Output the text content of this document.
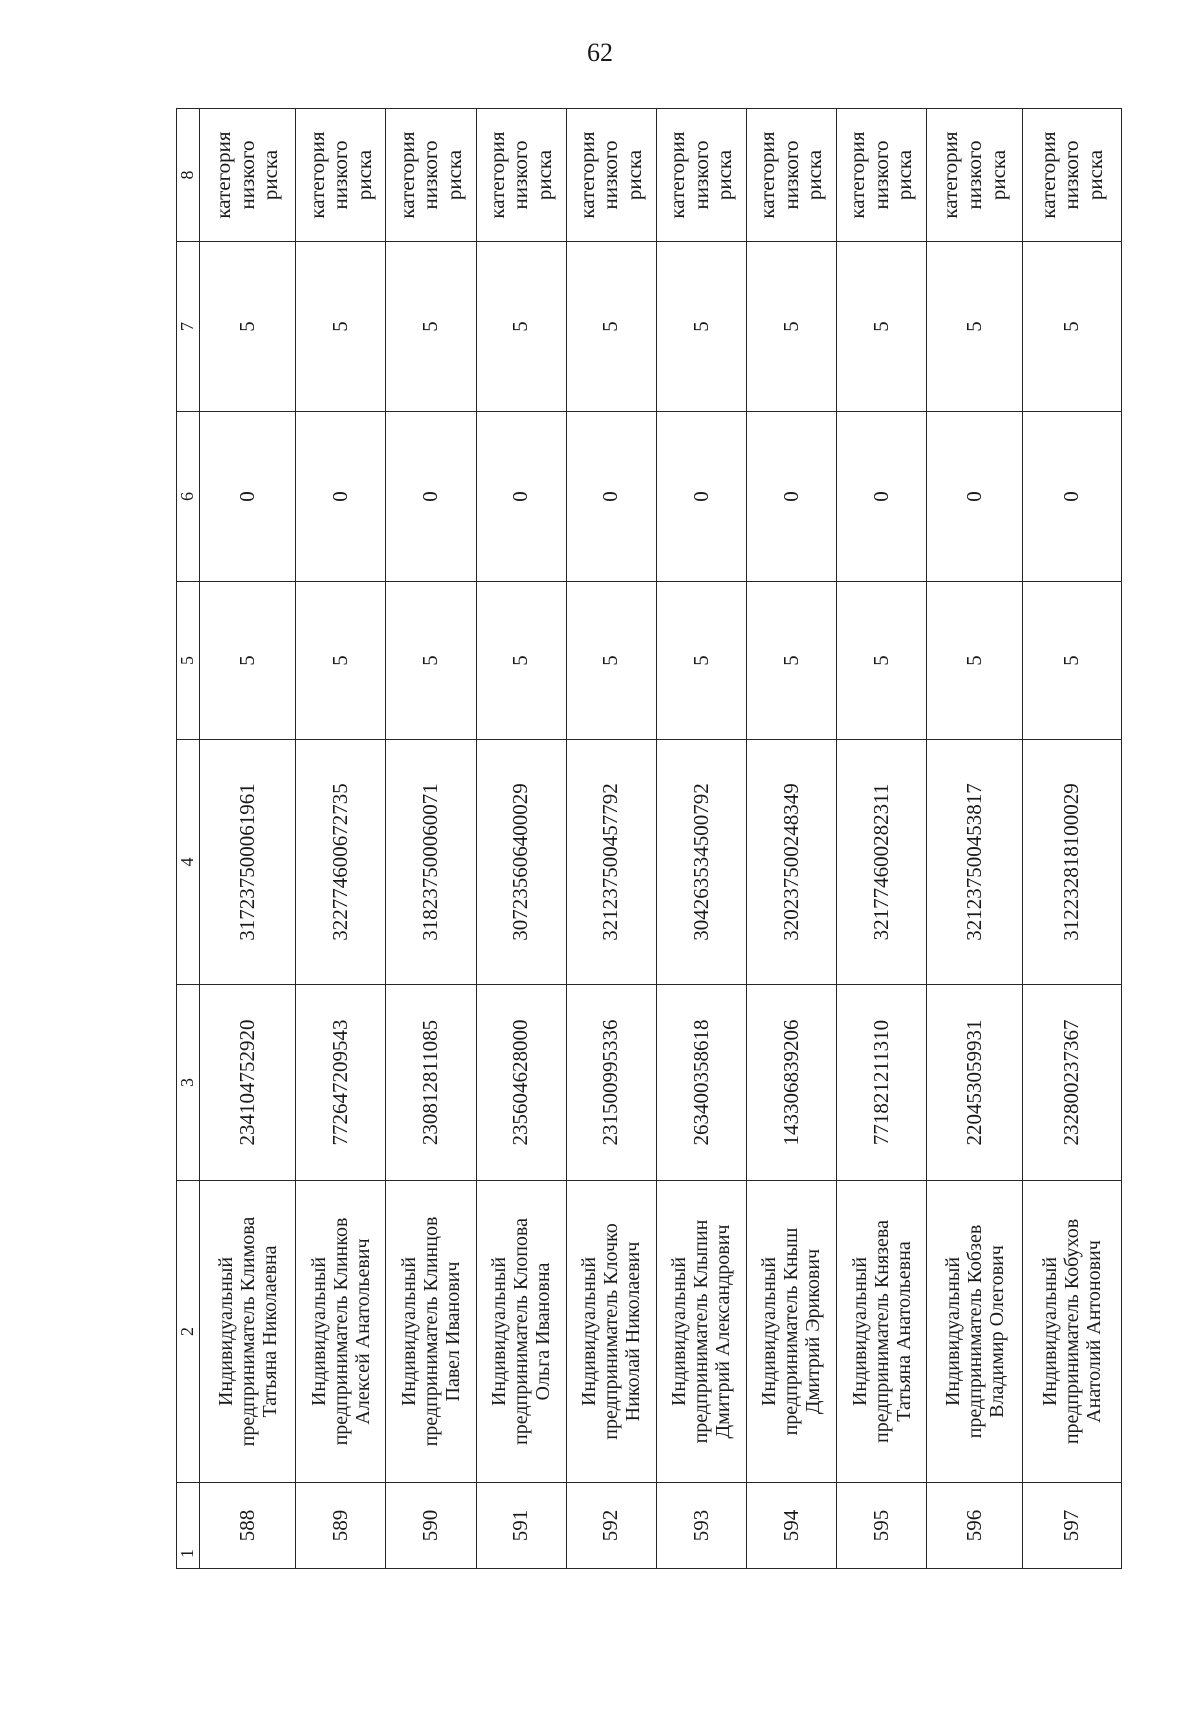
62
1	2	3	4	5	6	7	8
588	Индивидуальный предприниматель Климова Татьяна Николаевна	234104752920	317237500061961	5	0	5	категория низкого риска

589	Индивидуальный предприниматель Клинков Алексей Анатольевич	772647209543	322774600672735	5	0	5	категория низкого риска

590	Индивидуальный предприниматель Клинцов Павел Иванович	230812811085	318237500060071	5	0	5	категория низкого риска

591	Индивидуальный предприниматель Клопова Ольга Ивановна	235604628000	307235606400029	5	0	5	категория низкого риска

592	Индивидуальный предприниматель Клочко Николай Николаевич	231500995336	321237500457792	5	0	5	категория низкого риска

593	Индивидуальный предприниматель Клыпин Дмитрий Александрович	263400358618	304263534500792	5	0	5	категория низкого риска

594	Индивидуальный предприниматель Кныш Дмитрий Эрикович	143306839206	320237500248349	5	0	5	категория низкого риска

595	Индивидуальный предприниматель Князева Татьяна Анатольевна	771821211310	321774600282311	5	0	5	категория низкого риска

596	Индивидуальный предприниматель Кобзев Владимир Олегович	220453059931	321237500453817	5	0	5	категория низкого риска

597	Индивидуальный предприниматель Кобухов Анатолий Антонович	232800237367	312232818100029	5	0	5	категория низкого риска
